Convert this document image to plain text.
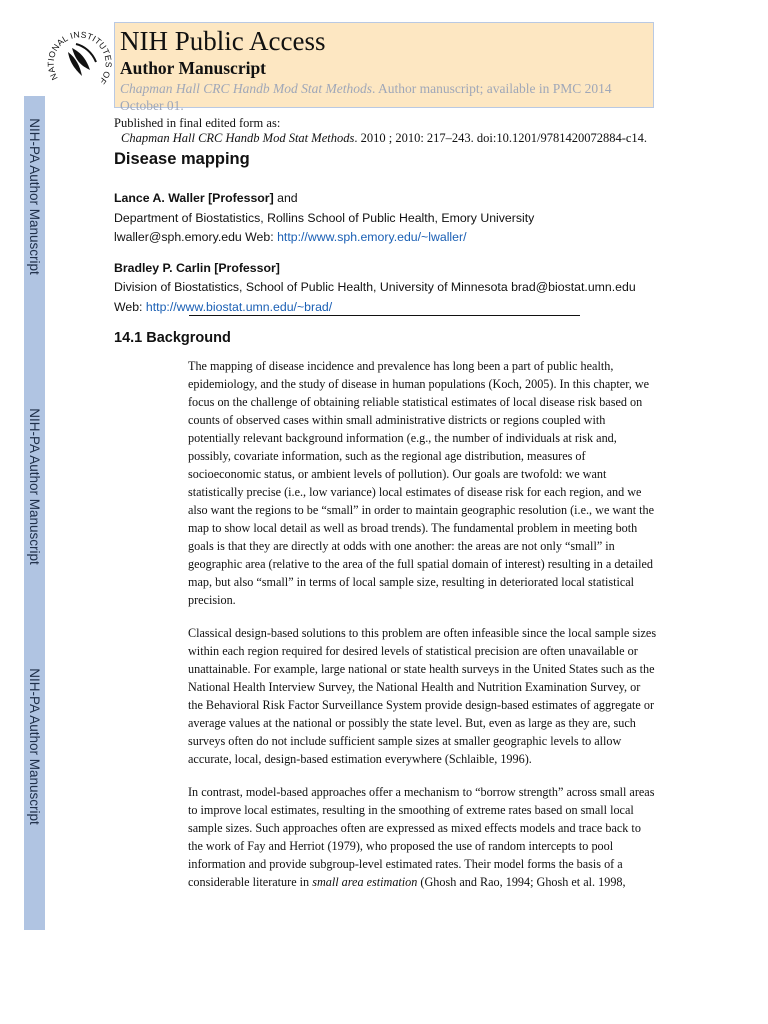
NIH-PA Author Manuscript
NIH-PA Author Manuscript
NIH-PA Author Manuscript
NATIONAL INSTITUTES OF
NIH Public Access
Author Manuscript
Chapman Hall CRC Handb Mod Stat Methods. Author manuscript; available in PMC 2014
October 01.
Published in final edited form as:
Chapman Hall CRC Handb Mod Stat Methods. 2010 ; 2010: 217–243. doi:10.1201/9781420072884-c14.
Disease mapping
Lance A. Waller [Professor] and
Department of Biostatistics, Rollins School of Public Health, Emory University
lwaller@sph.emory.edu Web: http://www.sph.emory.edu/~lwaller/
Bradley P. Carlin [Professor]
Division of Biostatistics, School of Public Health, University of Minnesota brad@biostat.umn.edu
Web: http://www.biostat.umn.edu/~brad/
14.1 Background

The mapping of disease incidence and prevalence has long been a part of public health, epidemiology, and the study of disease in human populations (Koch, 2005). In this chapter, we focus on the challenge of obtaining reliable statistical estimates of local disease risk based on counts of observed cases within small administrative districts or regions coupled with potentially relevant background information (e.g., the number of individuals at risk and, possibly, covariate information, such as the regional age distribution, measures of socioeconomic status, or ambient levels of pollution). Our goals are twofold: we want statistically precise (i.e., low variance) local estimates of disease risk for each region, and we also want the regions to be “small” in order to maintain geographic resolution (i.e., we want the map to show local detail as well as broad trends). The fundamental problem in meeting both goals is that they are directly at odds with one another: the areas are not only “small” in geographic area (relative to the area of the full spatial domain of interest) resulting in a detailed map, but also “small” in terms of local sample size, resulting in deteriorated local statistical precision.

Classical design-based solutions to this problem are often infeasible since the local sample sizes within each region required for desired levels of statistical precision are often unavailable or unattainable. For example, large national or state health surveys in the United States such as the National Health Interview Survey, the National Health and Nutrition Examination Survey, or the Behavioral Risk Factor Surveillance System provide design-based estimates of aggregate or average values at the national or possibly the state level. But, even as large as they are, such surveys often do not include sufficient sample sizes at smaller geographic levels to allow accurate, local, design-based estimation everywhere (Schlaible, 1996).

In contrast, model-based approaches offer a mechanism to “borrow strength” across small areas to improve local estimates, resulting in the smoothing of extreme rates based on small local sample sizes. Such approaches often are expressed as mixed effects models and trace back to the work of Fay and Herriot (1979), who proposed the use of random intercepts to pool information and provide subgroup-level estimated rates. Their model forms the basis of a considerable literature in small area estimation (Ghosh and Rao, 1994; Ghosh et al. 1998,
